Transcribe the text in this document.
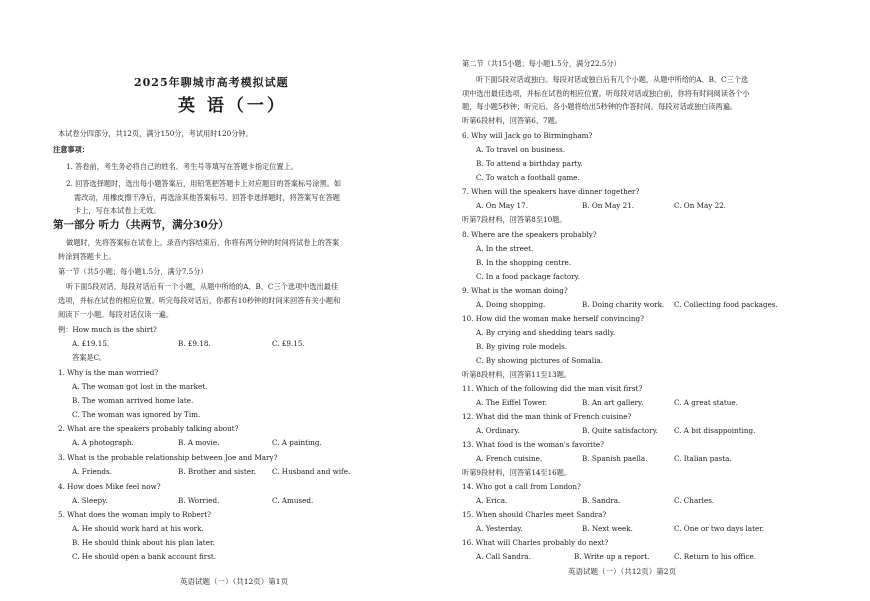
2025年聊城市高考模拟试题
英 语（一）
本试卷分四部分，共12页，满分150分，考试用时120分钟。
注意事项：
1. 答卷前，考生务必将自己的姓名、考生号等填写在答题卡指定位置上。
2. 回答选择题时，选出每小题答案后，用铅笔把答题卡上对应题目的答案标号涂黑。如
需改动，用橡皮擦干净后，再选涂其他答案标号。回答非选择题时，将答案写在答题
卡上，写在本试卷上无效。
第一部分 听力（共两节，满分30分）
做题时，先将答案标在试卷上。录音内容结束后，你将有两分钟的时间将试卷上的答案
转涂到答题卡上。
第一节（共5小题；每小题1.5分，满分7.5分）
听下面5段对话。每段对话后有一个小题，从题中所给的A、B、C三个选项中选出最佳
选项，并标在试卷的相应位置。听完每段对话后，你都有10秒钟的时间来回答有关小题和
阅读下一小题。每段对话仅读一遍。
例：How much is the shirt?
A. £19.15.	B. £9.18.	C. £9.15.
答案是C。
1. Why is the man worried?
A. The woman got lost in the market.
B. The woman arrived home late.
C. The woman was ignored by Tim.
2. What are the speakers probably talking about?
A. A photograph.	B. A movie.	C. A painting.
3. What is the probable relationship between Joe and Mary?
A. Friends.	B. Brother and sister. C. Husband and wife.
4. How does Mike feel now?
A. Sleepy.	B. Worried.	C. Amused.
5. What does the woman imply to Robert?
A. He should work hard at his work.
B. He should think about his plan later.
C. He should open a bank account first.
英语试题（一）（共12页）第1页
第二节（共15小题；每小题1.5分，满分22.5分）
听下面5段对话或独白。每段对话或独白后有几个小题，从题中所给的A、B、C三个选
项中选出最佳选项，并标在试卷的相应位置。听每段对话或独白前，你将有时间阅读各个小
题，每小题5秒钟；听完后，各小题将给出5秒钟的作答时间。每段对话或独白读两遍。
听第6段材料，回答第6、7题。
6. Why will Jack go to Birmingham?
A. To travel on business.
B. To attend a birthday party.
C. To watch a football game.
7. When will the speakers have dinner together?
A. On May 17.	B. On May 21.	C. On May 22.
听第7段材料，回答第8至10题。
8. Where are the speakers probably?
A. In the street.
B. In the shopping centre.
C. In a food package factory.
9. What is the woman doing?
A. Doing shopping.	B. Doing charity work. C. Collecting food packages.
10. How did the woman make herself convincing?
A. By crying and shedding tears sadly.
B. By giving role models.
C. By showing pictures of Somalia.
听第8段材料，回答第11至13题。
11. Which of the following did the man visit first?
A. The Eiffel Tower.	B. An art gallery.	C. A great statue.
12. What did the man think of French cuisine?
A. Ordinary.	B. Quite satisfactory. C. A bit disappointing.
13. What food is the woman's favorite?
A. French cuisine.	B. Spanish paella.	C. Italian pasta.
听第9段材料，回答第14至16题。
14. Who got a call from London?
A. Erica.	B. Sandra.	C. Charles.
15. When should Charles meet Sandra?
A. Yesterday.	B. Next week.	C. One or two days later.
16. What will Charles probably do next?
A. Call Sandra.	B. Write up a report.	C. Return to his office.
英语试题（一）（共12页）第2页
